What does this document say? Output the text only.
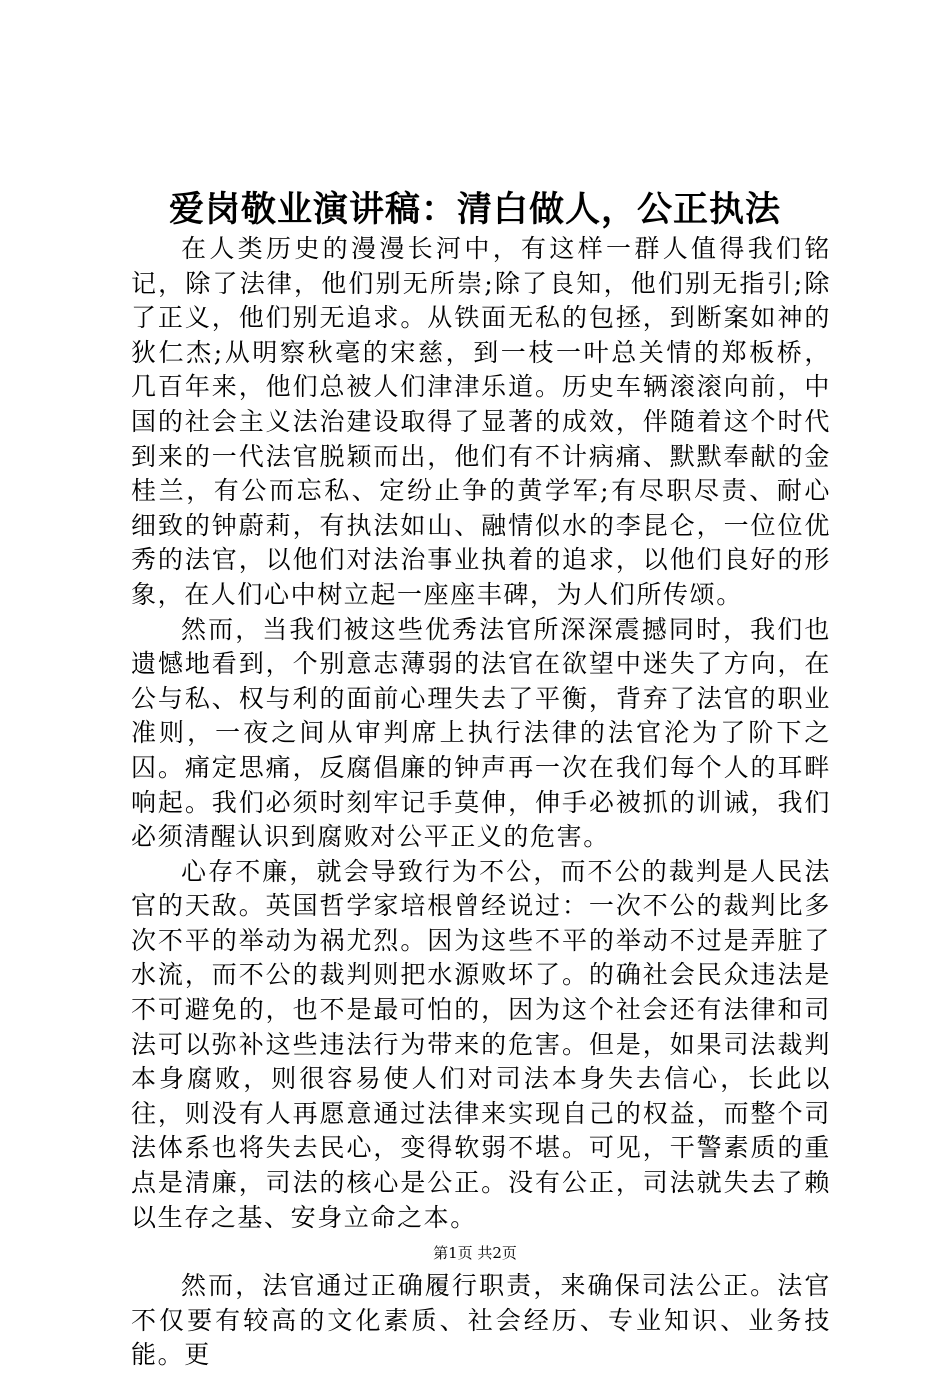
爱岗敬业演讲稿：清白做人，公正执法

在人类历史的漫漫长河中，有这样一群人值得我们铭记，除了法律，他们别无所崇;除了良知，他们别无指引;除了正义，他们别无追求。从铁面无私的包拯，到断案如神的狄仁杰;从明察秋毫的宋慈，到一枝一叶总关情的郑板桥，几百年来，他们总被人们津津乐道。历史车辆滚滚向前，中国的社会主义法治建设取得了显著的成效，伴随着这个时代到来的一代法官脱颖而出，他们有不计病痛、默默奉献的金桂兰，有公而忘私、定纷止争的黄学军;有尽职尽责、耐心细致的钟蔚莉，有执法如山、融情似水的李昆仑，一位位优秀的法官，以他们对法治事业执着的追求，以他们良好的形象，在人们心中树立起一座座丰碑，为人们所传颂。

然而，当我们被这些优秀法官所深深震撼同时，我们也遗憾地看到，个别意志薄弱的法官在欲望中迷失了方向，在公与私、权与利的面前心理失去了平衡，背弃了法官的职业准则，一夜之间从审判席上执行法律的法官沦为了阶下之囚。痛定思痛，反腐倡廉的钟声再一次在我们每个人的耳畔响起。我们必须时刻牢记手莫伸，伸手必被抓的训诫，我们必须清醒认识到腐败对公平正义的危害。

心存不廉，就会导致行为不公，而不公的裁判是人民法官的天敌。英国哲学家培根曾经说过：一次不公的裁判比多次不平的举动为祸尤烈。因为这些不平的举动不过是弄脏了水流，而不公的裁判则把水源败坏了。的确社会民众违法是不可避免的，也不是最可怕的，因为这个社会还有法律和司法可以弥补这些违法行为带来的危害。但是，如果司法裁判本身腐败，则很容易使人们对司法本身失去信心，长此以往，则没有人再愿意通过法律来实现自己的权益，而整个司法体系也将失去民心，变得软弱不堪。可见，干警素质的重点是清廉，司法的核心是公正。没有公正，司法就失去了赖以生存之基、安身立命之本。

然而，法官通过正确履行职责，来确保司法公正。法官不仅要有较高的文化素质、社会经历、专业知识、业务技能。更

第1页 共2页
